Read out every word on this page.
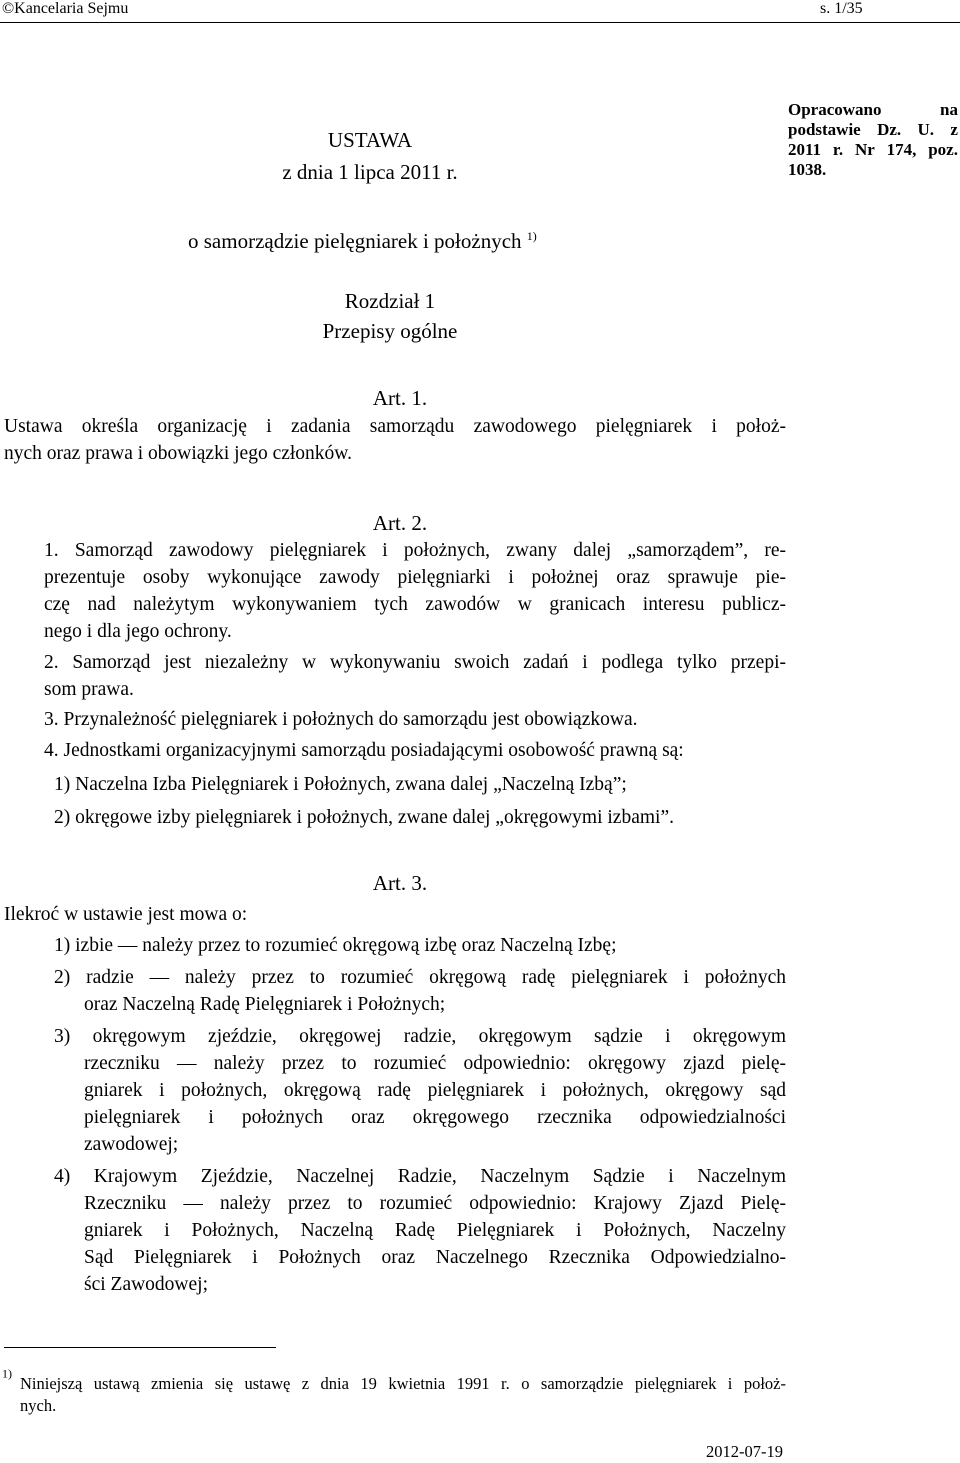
©Kancelaria Sejmu	s. 1/35
USTAWA
z dnia 1 lipca 2011 r.
o samorządzie pielęgniarek i położnych $^{1)}$
Opracowano	na
podstawie Dz. U. z
2011 r. Nr 174, poz.
1038.
Rozdział 1
Przepisy ogólne
Art. 1.
Ustawa określa organizację i zadania samorządu zawodowego pielęgniarek i położ-
nych oraz prawa i obowiązki jego członków.
Art. 2.
1. Samorząd zawodowy pielęgniarek i położnych, zwany dalej „samorządem”, re-
prezentuje osoby wykonujące zawody pielęgniarki i położnej oraz sprawuje pie-
czę nad należytym wykonywaniem tych zawodów w granicach interesu publicz-
nego i dla jego ochrony.
2. Samorząd jest niezależny w wykonywaniu swoich zadań i podlega tylko przepi-
som prawa.
3. Przynależność pielęgniarek i położnych do samorządu jest obowiązkowa.
4. Jednostkami organizacyjnymi samorządu posiadającymi osobowość prawną są:
1) Naczelna Izba Pielęgniarek i Położnych, zwana dalej „Naczelną Izbą”;
2) okręgowe izby pielęgniarek i położnych, zwane dalej „okręgowymi izbami”.
Art. 3.
Ilekroć w ustawie jest mowa o:
1) izbie — należy przez to rozumieć okręgową izbę oraz Naczelną Izbę;
2) radzie — należy przez to rozumieć okręgową radę pielęgniarek i położnych
oraz Naczelną Radę Pielęgniarek i Położnych;
3) okręgowym zjeździe, okręgowej radzie, okręgowym sądzie i okręgowym
rzeczniku — należy przez to rozumieć odpowiednio: okręgowy zjazd pielę-
gniarek i położnych, okręgową radę pielęgniarek i położnych, okręgowy sąd
pielęgniarek i położnych oraz okręgowego rzecznika odpowiedzialności
zawodowej;
4) Krajowym Zjeździe, Naczelnej Radzie, Naczelnym Sądzie i Naczelnym
Rzeczniku — należy przez to rozumieć odpowiednio: Krajowy Zjazd Pielę-
gniarek i Położnych, Naczelną Radę Pielęgniarek i Położnych, Naczelny
Sąd Pielęgniarek i Położnych oraz Naczelnego Rzecznika Odpowiedzialno-
ści Zawodowej;
$^{1)}$
Niniejszą ustawą zmienia się ustawę z dnia 19 kwietnia 1991 r. o samorządzie pielęgniarek i położ-
nych.
2012-07-19
